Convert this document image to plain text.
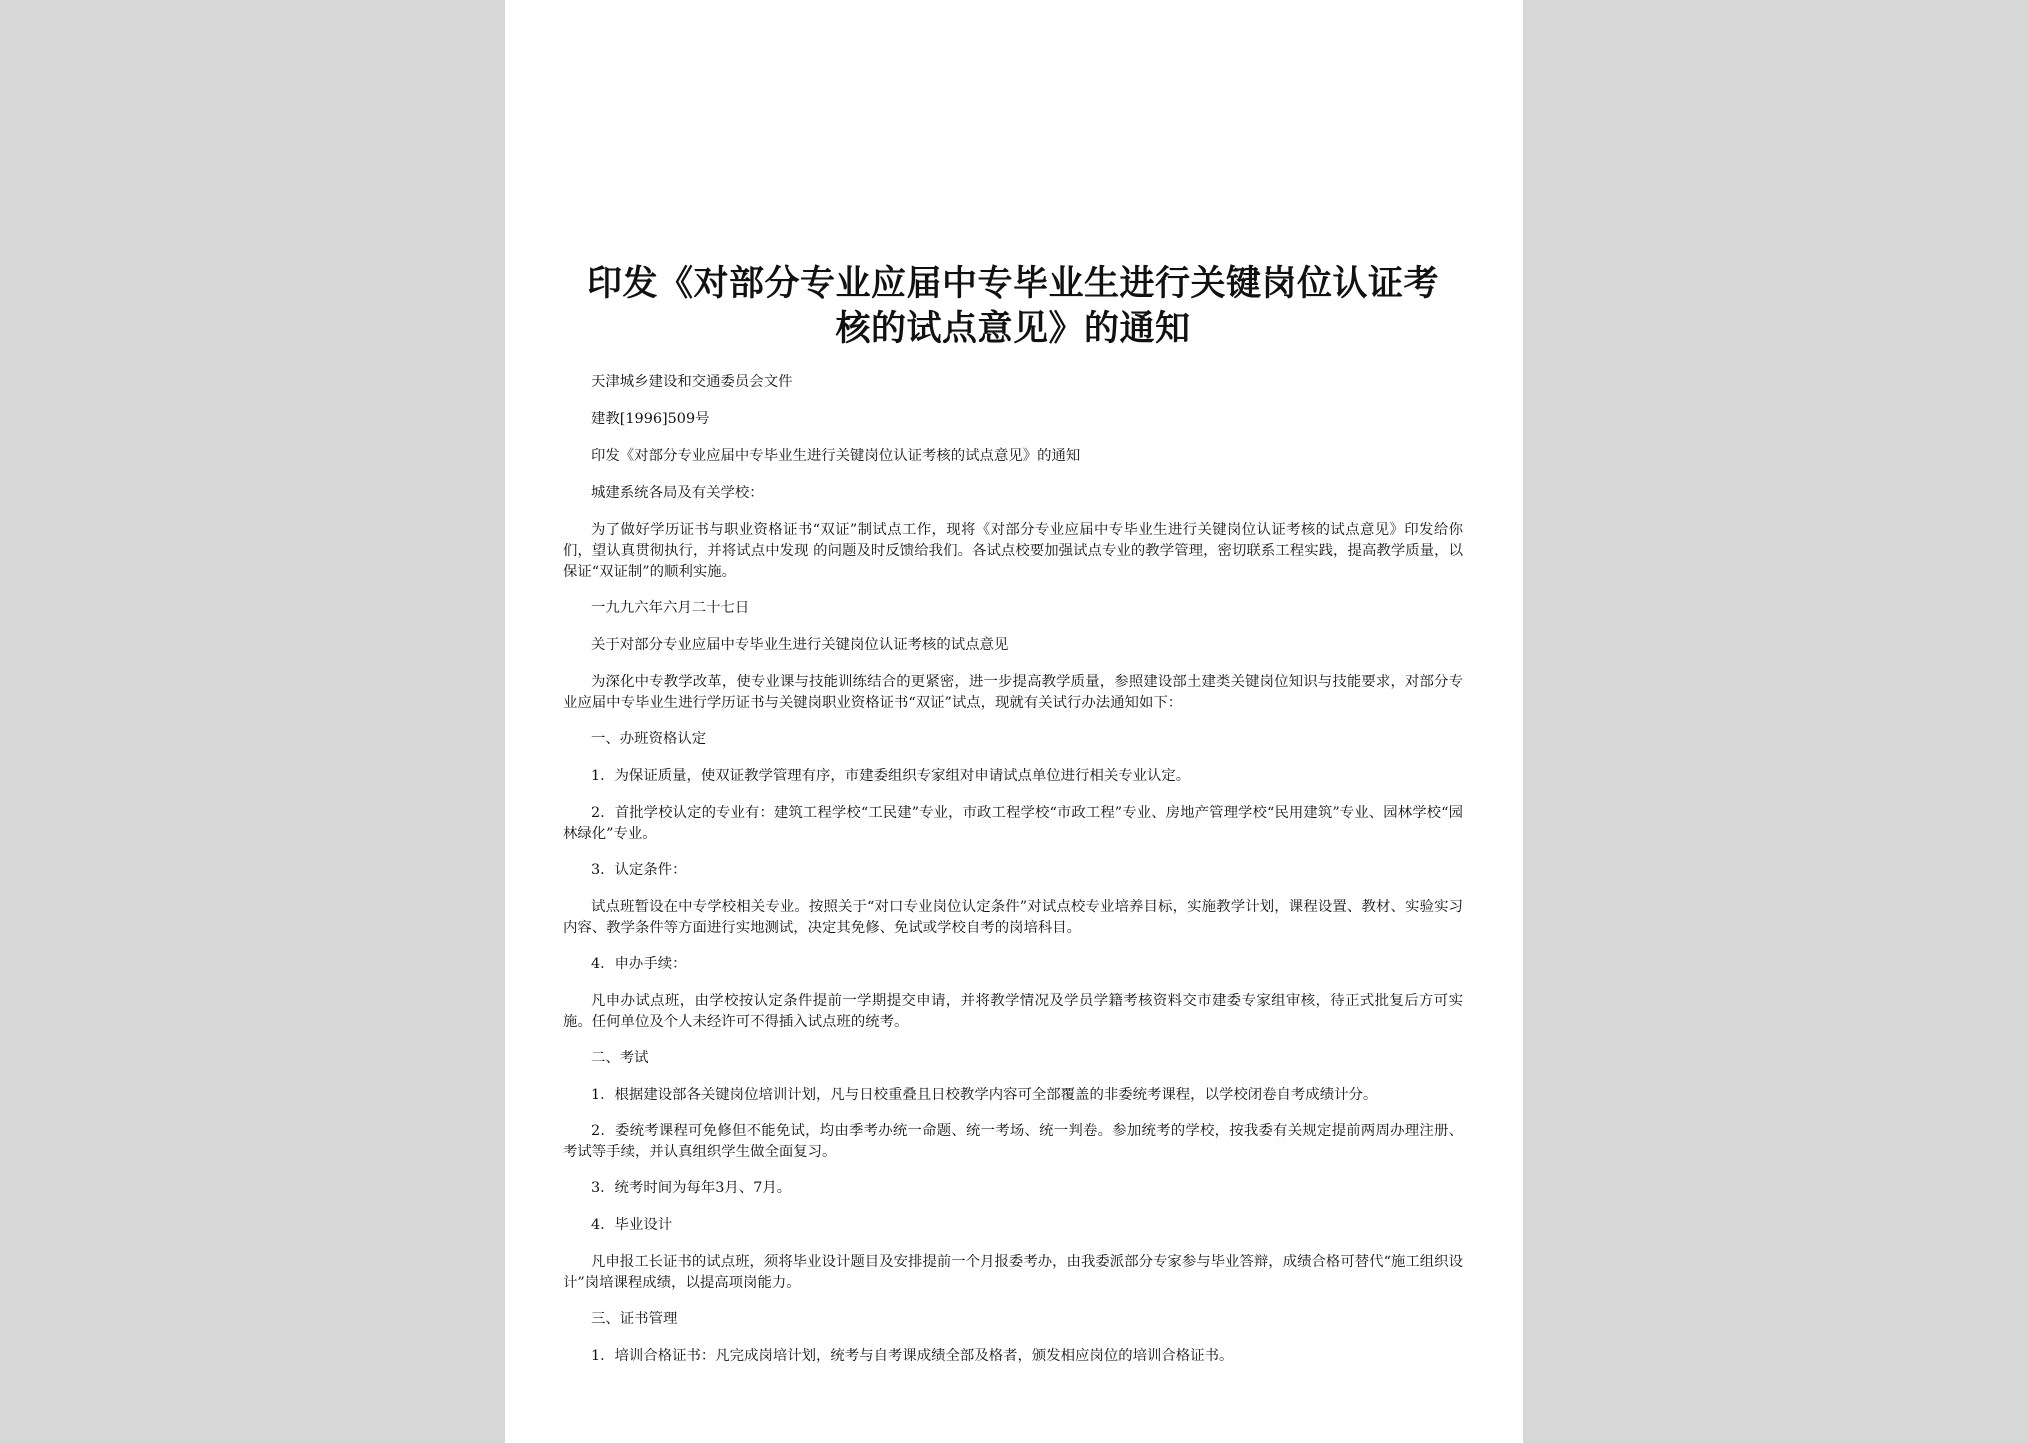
印发《对部分专业应届中专毕业生进行关键岗位认证考
核的试点意见》的通知

天津城乡建设和交通委员会文件

建教[1996]509号

印发《对部分专业应届中专毕业生进行关键岗位认证考核的试点意见》的通知

城建系统各局及有关学校：

为了做好学历证书与职业资格证书“双证”制试点工作，现将《对部分专业应届中专毕业生进行关键岗位认证考核的试点意见》印发给你们，望认真贯彻执行，并将试点中发现 的问题及时反馈给我们。各试点校要加强试点专业的教学管理，密切联系工程实践，提高教学质量，以保证“双证制”的顺利实施。

一九九六年六月二十七日

关于对部分专业应届中专毕业生进行关键岗位认证考核的试点意见

为深化中专教学改革，使专业课与技能训练结合的更紧密，进一步提高教学质量，参照建设部土建类关键岗位知识与技能要求，对部分专业应届中专毕业生进行学历证书与关键岗职业资格证书“双证”试点，现就有关试行办法通知如下：

一、办班资格认定

1．为保证质量，使双证教学管理有序，市建委组织专家组对申请试点单位进行相关专业认定。

2．首批学校认定的专业有：建筑工程学校“工民建”专业，市政工程学校“市政工程”专业、房地产管理学校“民用建筑”专业、园林学校“园林绿化”专业。

3．认定条件：

试点班暂设在中专学校相关专业。按照关于“对口专业岗位认定条件”对试点校专业培养目标，实施教学计划，课程设置、教材、实验实习内容、教学条件等方面进行实地测试，决定其免修、免试或学校自考的岗培科目。

4．申办手续：

凡申办试点班，由学校按认定条件提前一学期提交申请，并将教学情况及学员学籍考核资料交市建委专家组审核，待正式批复后方可实施。任何单位及个人未经许可不得插入试点班的统考。

二、考试

1．根据建设部各关键岗位培训计划，凡与日校重叠且日校教学内容可全部覆盖的非委统考课程，以学校闭卷自考成绩计分。

2．委统考课程可免修但不能免试，均由季考办统一命题、统一考场、统一判卷。参加统考的学校，按我委有关规定提前两周办理注册、考试等手续，并认真组织学生做全面复习。

3．统考时间为每年3月、7月。

4．毕业设计

凡申报工长证书的试点班，须将毕业设计题目及安排提前一个月报委考办，由我委派部分专家参与毕业答辩，成绩合格可替代“施工组织设计”岗培课程成绩，以提高项岗能力。

三、证书管理

1．培训合格证书：凡完成岗培计划，统考与自考课成绩全部及格者，颁发相应岗位的培训合格证书。
